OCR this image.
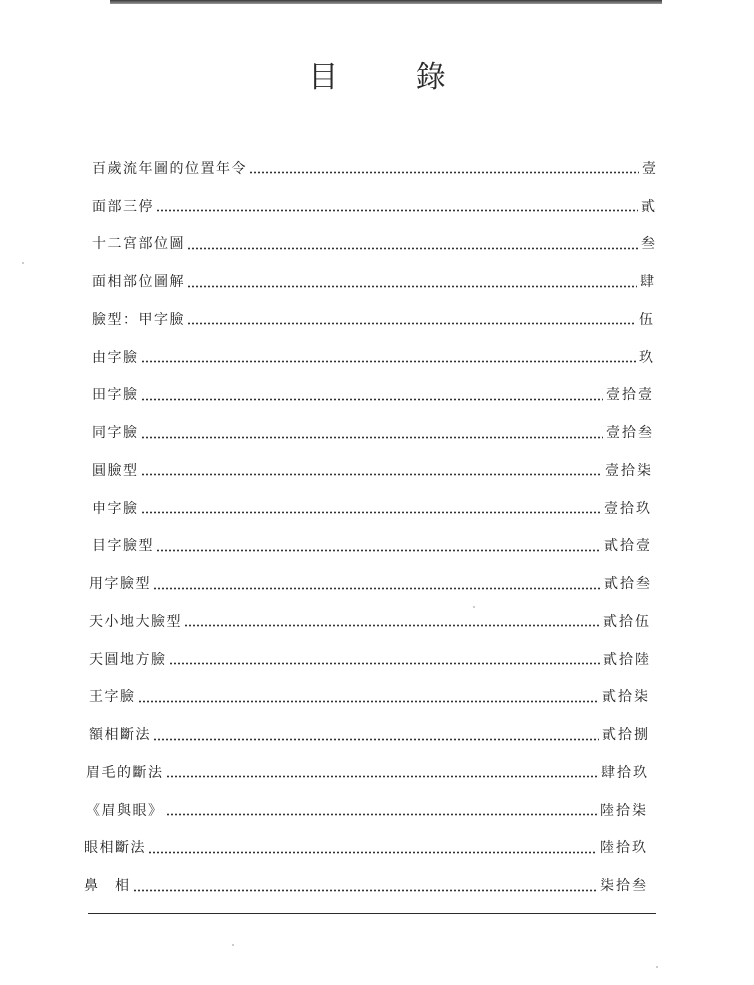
目 錄
百歲流年圖的位置年令	壹
面部三停	貳
十二宮部位圖	叁
面相部位圖解	肆
臉型：甲字臉	伍
由字臉	玖
田字臉	壹拾壹
同字臉	壹拾叁
圓臉型	壹拾柒
申字臉	壹拾玖
目字臉型	貳拾壹
用字臉型	貳拾叁
天小地大臉型	貳拾伍
天圓地方臉	貳拾陸
王字臉	貳拾柒
額相斷法	貳拾捌
眉毛的斷法	肆拾玖
《眉與眼》	陸拾柒
眼相斷法	陸拾玖
鼻　相	柒拾叁
